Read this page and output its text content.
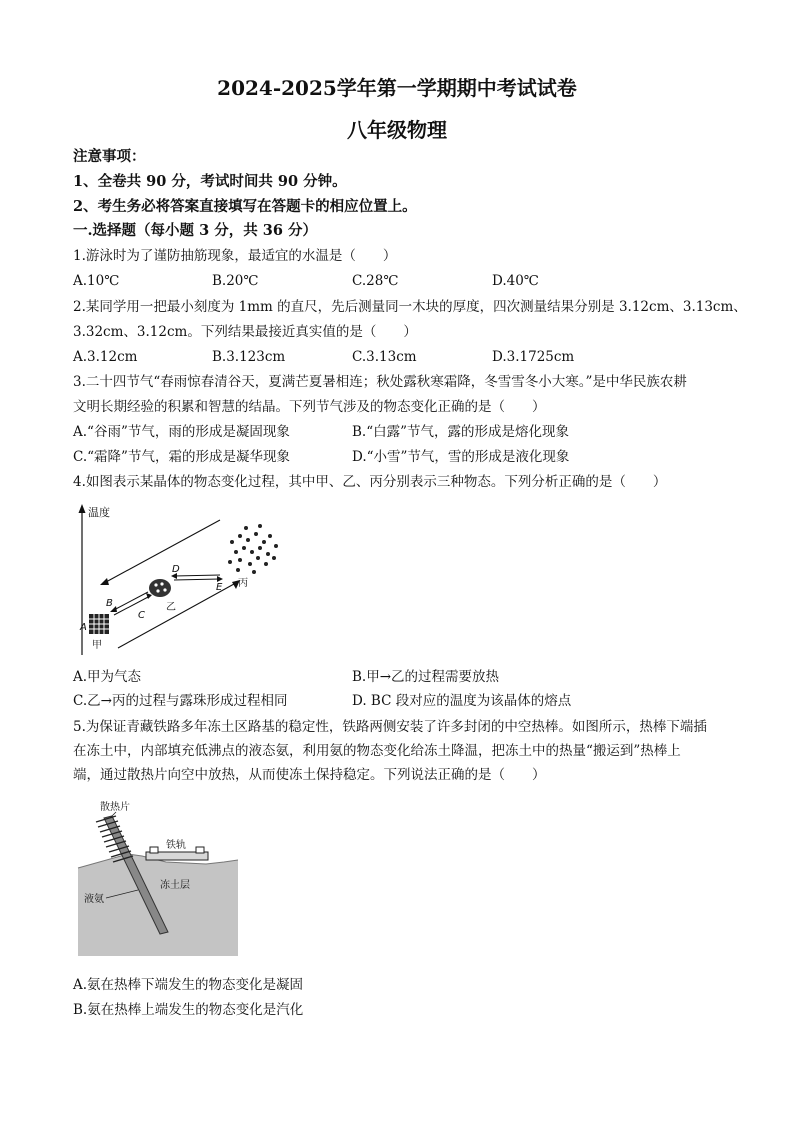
2024-2025学年第一学期期中考试试卷
八年级物理
注意事项：
1、全卷共 90 分，考试时间共 90 分钟。
2、考生务必将答案直接填写在答题卡的相应位置上。
一.选择题（每小题 3 分，共 36 分）
1.游泳时为了谨防抽筋现象，最适宜的水温是（　　）
A.10℃	B.20℃	C.28℃	D.40℃
2.某同学用一把最小刻度为 1mm 的直尺，先后测量同一木块的厚度，四次测量结果分别是 3.12cm、3.13cm、
3.32cm、3.12cm。下列结果最接近真实值的是（　　）
A.3.12cm	B.3.123cm	C.3.13cm	D.3.1725cm
3.二十四节气“春雨惊春清谷天，夏满芒夏暑相连；秋处露秋寒霜降，冬雪雪冬小大寒。”是中华民族农耕
文明长期经验的积累和智慧的结晶。下列节气涉及的物态变化正确的是（　　）
A.“谷雨”节气，雨的形成是凝固现象	B.“白露”节气，露的形成是熔化现象
C.“霜降”节气，霜的形成是凝华现象	D.“小雪”节气，雪的形成是液化现象
4.如图表示某晶体的物态变化过程，其中甲、乙、丙分别表示三种物态。下列分析正确的是（　　）
温度
A
甲
B
C
乙
D
E 丙
A.甲为气态	B.甲→乙的过程需要放热
C.乙→丙的过程与露珠形成过程相同	D. BC 段对应的温度为该晶体的熔点
5.为保证青藏铁路多年冻土区路基的稳定性，铁路两侧安装了许多封闭的中空热棒。如图所示，热棒下端插
在冻土中，内部填充低沸点的液态氨，利用氨的物态变化给冻土降温，把冻土中的热量“搬运到”热棒上
端，通过散热片向空中放热，从而使冻土保持稳定。下列说法正确的是（　　）
铁轨
散热片
冻土层
液氨
A.氨在热棒下端发生的物态变化是凝固
B.氨在热棒上端发生的物态变化是汽化
